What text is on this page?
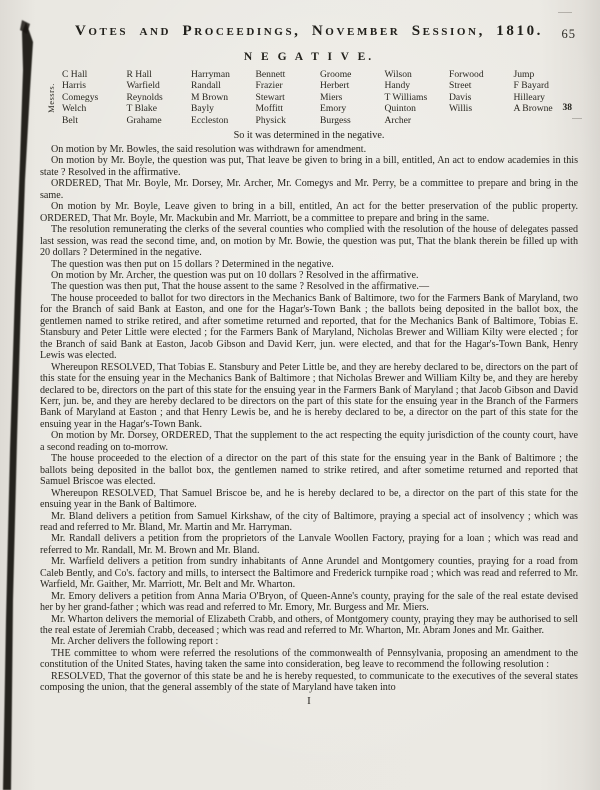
Votes and Proceedings, November Session, 1810. 65
N E G A T I V E.
Messrs.
C Hall
Harris
Comegys
Welch
Belt
R Hall
Warfield
Reynolds
T Blake
Grahame
Harryman
Randall
M Brown
Bayly
Eccleston
Bennett
Frazier
Stewart
Moffitt
Physick
Groome
Herbert
Miers
Emory
Burgess
Wilson
Handy
T Williams
Quinton
Archer
Forwood
Street
Davis
Willis
Jump
F Bayard
Hilleary
A Browne	38
So it was determined in the negative.

On motion by Mr. Bowles, the said resolution was withdrawn for amendment.

On motion by Mr. Boyle, the question was put, That leave be given to bring in a bill, entitled, An act to endow academies in this state ? Resolved in the affirmative.

ORDERED, That Mr. Boyle, Mr. Dorsey, Mr. Archer, Mr. Comegys and Mr. Perry, be a committee to prepare and bring in the same.

On motion by Mr. Boyle, Leave given to bring in a bill, entitled, An act for the better preservation of the public property. ORDERED, That Mr. Boyle, Mr. Mackubin and Mr. Marriott, be a committee to prepare and bring in the same.

The resolution remunerating the clerks of the several counties who complied with the resolution of the house of delegates passed last session, was read the second time, and, on motion by Mr. Bowie, the question was put, That the blank therein be filled up with 20 dollars ? Determined in the negative.

The question was then put on 15 dollars ? Determined in the negative.

On motion by Mr. Archer, the question was put on 10 dollars ? Resolved in the affirmative.

The question was then put, That the house assent to the same ? Resolved in the affirmative.—

The house proceeded to ballot for two directors in the Mechanics Bank of Baltimore, two for the Farmers Bank of Maryland, two for the Branch of said Bank at Easton, and one for the Hagar's-Town Bank ; the ballots being deposited in the ballot box, the gentlemen named to strike retired, and after sometime returned and reported, that for the Mechanics Bank of Baltimore, Tobias E. Stansbury and Peter Little were elected ; for the Farmers Bank of Maryland, Nicholas Brewer and William Kilty were elected ; for the Branch of said Bank at Easton, Jacob Gibson and David Kerr, jun. were elected, and that for the Hagar's-Town Bank, Henry Lewis was elected.

Whereupon RESOLVED, That Tobias E. Stansbury and Peter Little be, and they are hereby declared to be, directors on the part of this state for the ensuing year in the Mechanics Bank of Baltimore ; that Nicholas Brewer and William Kilty be, and they are hereby declared to be, directors on the part of this state for the ensuing year in the Farmers Bank of Maryland ; that Jacob Gibson and David Kerr, jun. be, and they are hereby declared to be directors on the part of this state for the ensuing year in the Branch of the Farmers Bank of Maryland at Easton ; and that Henry Lewis be, and he is hereby declared to be, a director on the part of this state for the ensuing year in the Hagar's-Town Bank.

On motion by Mr. Dorsey, ORDERED, That the supplement to the act respecting the equity jurisdiction of the county court, have a second reading on to-morrow.

The house proceeded to the election of a director on the part of this state for the ensuing year in the Bank of Baltimore ; the ballots being deposited in the ballot box, the gentlemen named to strike retired, and after sometime returned and reported that Samuel Briscoe was elected.

Whereupon RESOLVED, That Samuel Briscoe be, and he is hereby declared to be, a director on the part of this state for the ensuing year in the Bank of Baltimore.

Mr. Bland delivers a petition from Samuel Kirkshaw, of the city of Baltimore, praying a special act of insolvency ; which was read and referred to Mr. Bland, Mr. Martin and Mr. Harryman.

Mr. Randall delivers a petition from the proprietors of the Lanvale Woollen Factory, praying for a loan ; which was read and referred to Mr. Randall, Mr. M. Brown and Mr. Bland.

Mr. Warfield delivers a petition from sundry inhabitants of Anne Arundel and Montgomery counties, praying for a road from Caleb Bently, and Co's. factory and mills, to intersect the Baltimore and Frederick turnpike road ; which was read and referred to Mr. Warfield, Mr. Gaither, Mr. Marriott, Mr. Belt and Mr. Wharton.

Mr. Emory delivers a petition from Anna Maria O'Bryon, of Queen-Anne's county, praying for the sale of the real estate devised her by her grand-father ; which was read and referred to Mr. Emory, Mr. Burgess and Mr. Miers.

Mr. Wharton delivers the memorial of Elizabeth Crabb, and others, of Montgomery county, praying they may be authorised to sell the real estate of Jeremiah Crabb, deceased ; which was read and referred to Mr. Wharton, Mr. Abram Jones and Mr. Gaither.

Mr. Archer delivers the following report :

THE committee to whom were referred the resolutions of the commonwealth of Pennsylvania, proposing an amendment to the constitution of the United States, having taken the same into consideration, beg leave to recommend the following resolution :

RESOLVED, That the governor of this state be and he is hereby requested, to communicate to the executives of the several states composing the union, that the general assembly of the state of Maryland have taken into

I
